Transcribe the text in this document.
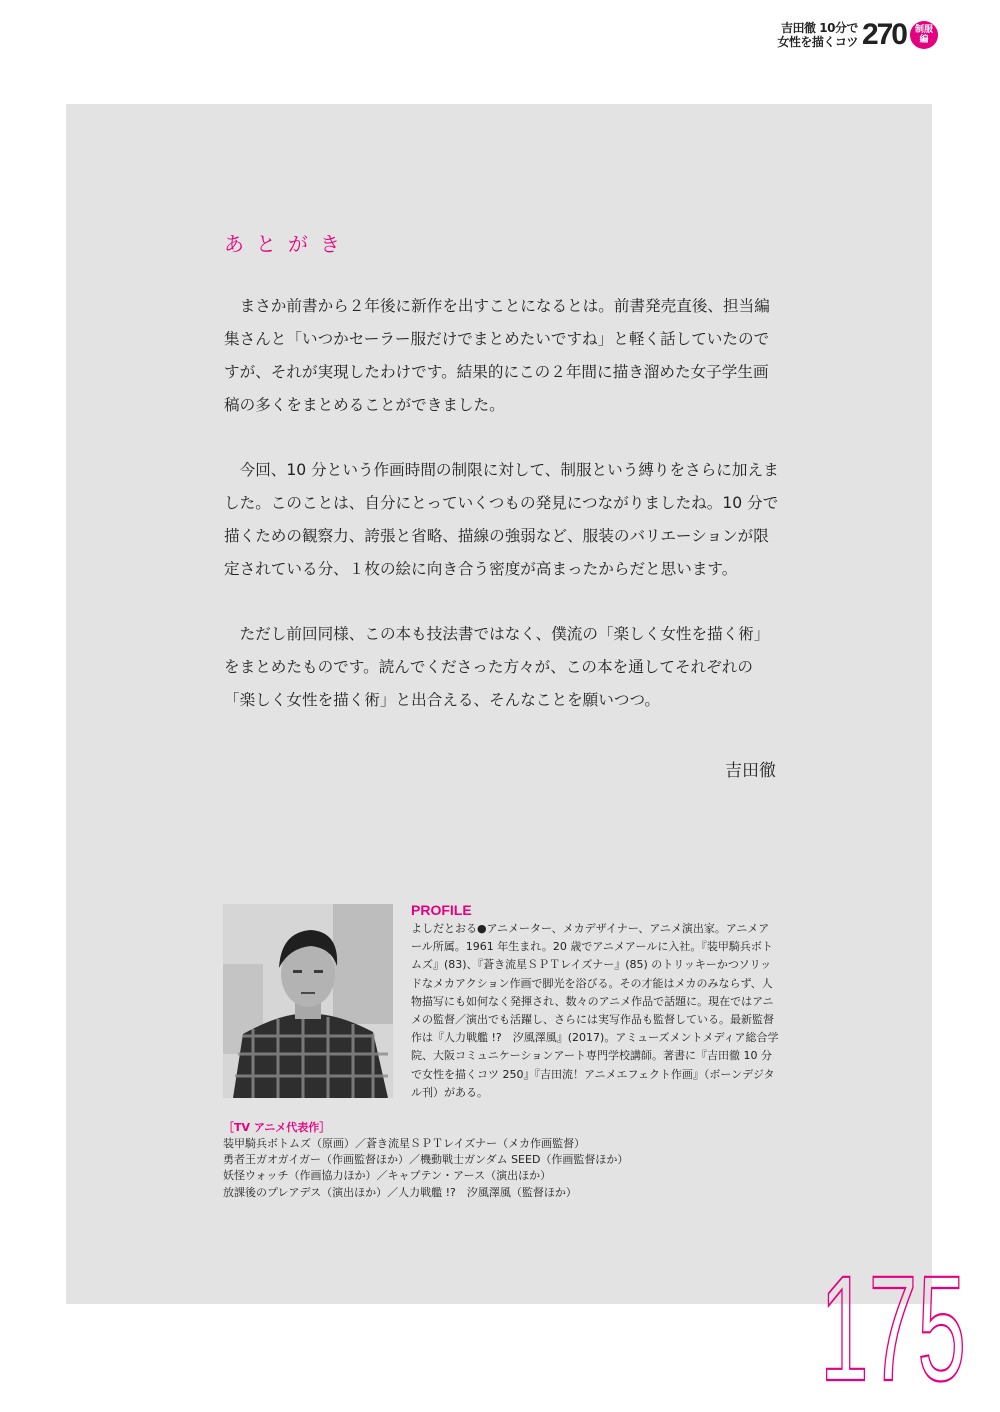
吉田徹 10分で
女性を描くコツ 270 制服
編
あとがき

まさか前書から２年後に新作を出すことになるとは。前書発売直後、担当編集さんと「いつかセーラー服だけでまとめたいですね」と軽く話していたのですが、それが実現したわけです。結果的にこの２年間に描き溜めた女子学生画稿の多くをまとめることができました。

今回、10 分という作画時間の制限に対して、制服という縛りをさらに加えました。このことは、自分にとっていくつもの発見につながりましたね。10 分で描くための観察力、誇張と省略、描線の強弱など、服装のバリエーションが限定されている分、１枚の絵に向き合う密度が高まったからだと思います。

ただし前回同様、この本も技法書ではなく、僕流の「楽しく女性を描く術」をまとめたものです。読んでくださった方々が、この本を通してそれぞれの「楽しく女性を描く術」と出合える、そんなことを願いつつ。

吉田徹
PROFILE

よしだとおる●アニメーター、メカデザイナー、アニメ演出家。アニメアール所属。1961 年生まれ。20 歳でアニメアールに入社。『装甲騎兵ボトムズ』(83)、『蒼き流星ＳＰＴレイズナー』(85) のトリッキーかつソリッドなメカアクション作画で脚光を浴びる。その才能はメカのみならず、人物描写にも如何なく発揮され、数々のアニメ作品で話題に。現在ではアニメの監督／演出でも活躍し、さらには実写作品も監督している。最新監督作は『人力戦艦 !?　汐風澤風』(2017)。アミューズメントメディア総合学院、大阪コミュニケーションアート専門学校講師。著書に『吉田徹 10 分で女性を描くコツ 250』『吉田流！アニメエフェクト作画』（ボーンデジタル刊）がある。

［TV アニメ代表作］
装甲騎兵ボトムズ（原画）／蒼き流星ＳＰＴレイズナー（メカ作画監督）
勇者王ガオガイガー（作画監督ほか）／機動戦士ガンダム SEED（作画監督ほか）
妖怪ウォッチ（作画協力ほか）／キャプテン・アース（演出ほか）
放課後のプレアデス（演出ほか）／人力戦艦 !?　汐風澤風（監督ほか）
175
